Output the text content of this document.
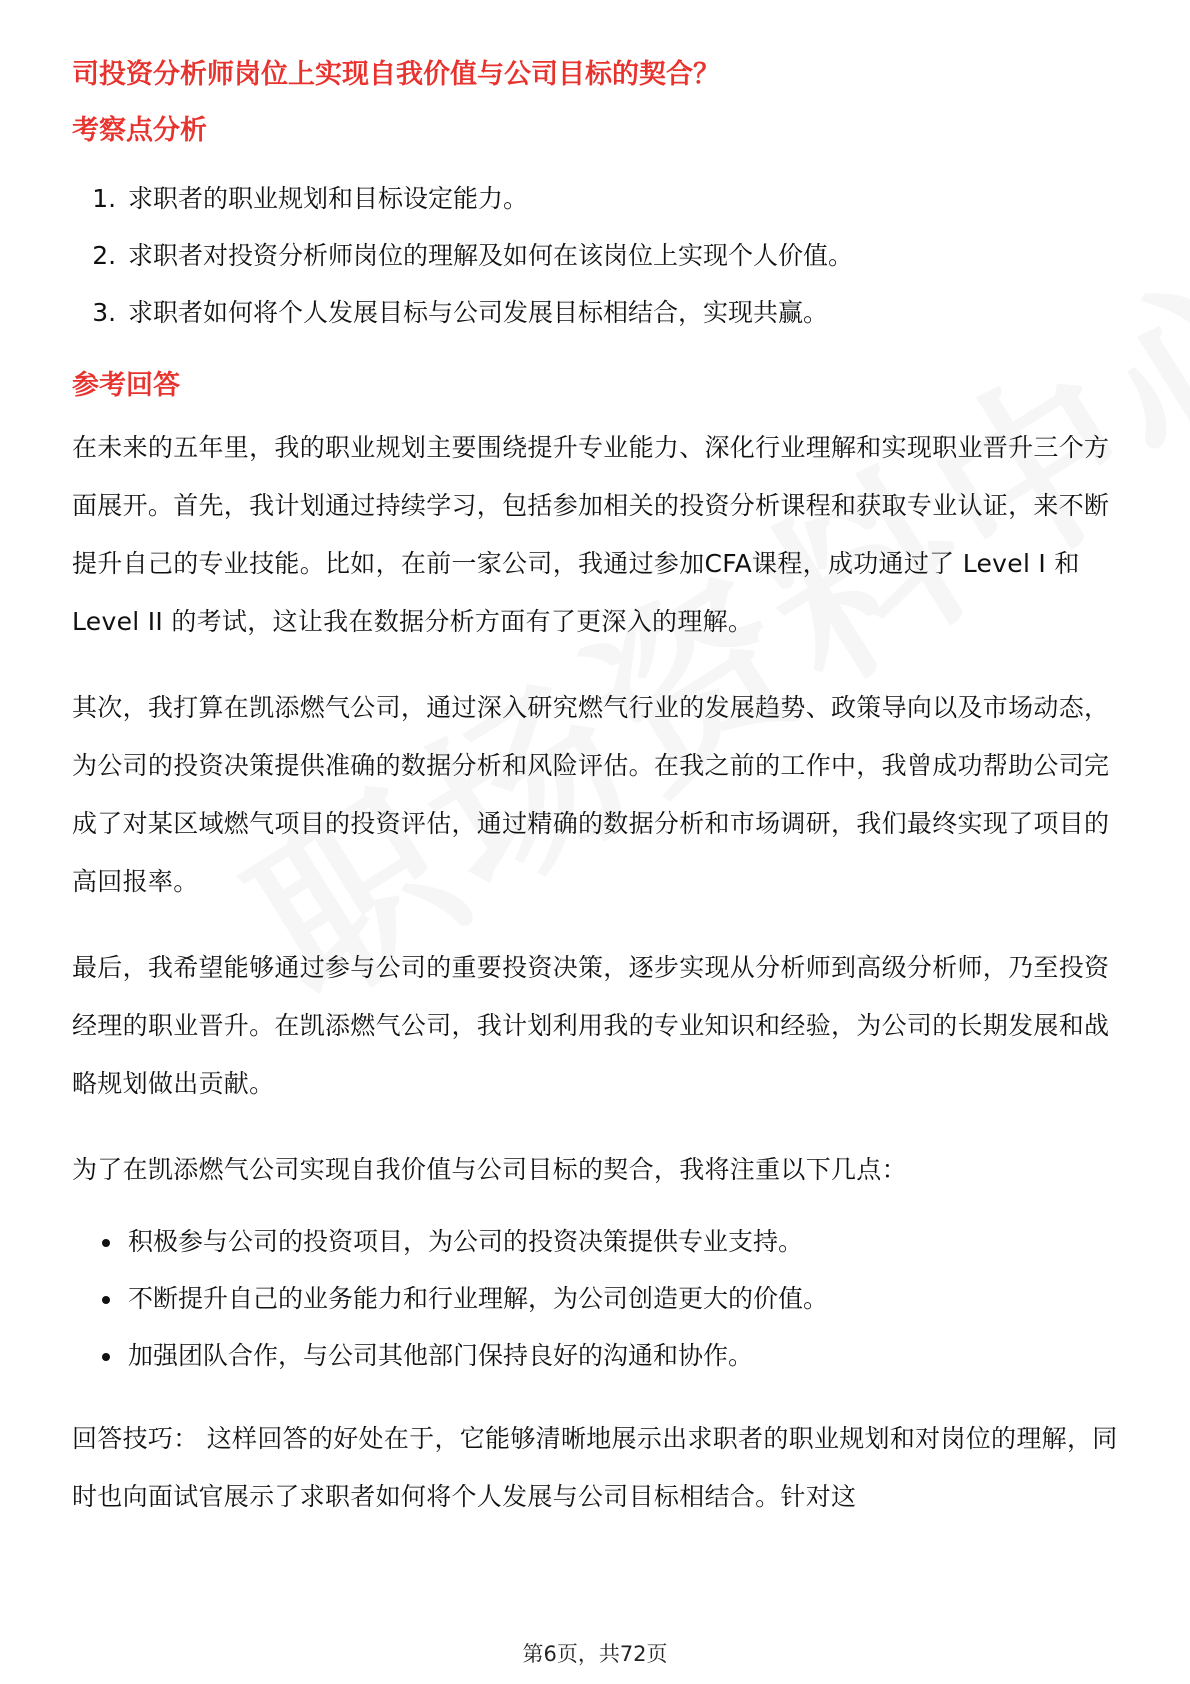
司投资分析师岗位上实现自我价值与公司目标的契合？
考察点分析
1. 求职者的职业规划和目标设定能力。
2. 求职者对投资分析师岗位的理解及如何在该岗位上实现个人价值。
3. 求职者如何将个人发展目标与公司发展目标相结合，实现共赢。
参考回答

在未来的五年里，我的职业规划主要围绕提升专业能力、深化行业理解和实现职业晋升三个方面展开。首先，我计划通过持续学习，包括参加相关的投资分析课程和获取专业认证，来不断提升自己的专业技能。比如，在前一家公司，我通过参加CFA课程，成功通过了 Level I 和 Level II 的考试，这让我在数据分析方面有了更深入的理解。

其次，我打算在凯添燃气公司，通过深入研究燃气行业的发展趋势、政策导向以及市场动态，为公司的投资决策提供准确的数据分析和风险评估。在我之前的工作中，我曾成功帮助公司完成了对某区域燃气项目的投资评估，通过精确的数据分析和市场调研，我们最终实现了项目的高回报率。

最后，我希望能够通过参与公司的重要投资决策，逐步实现从分析师到高级分析师，乃至投资经理的职业晋升。在凯添燃气公司，我计划利用我的专业知识和经验，为公司的长期发展和战略规划做出贡献。

为了在凯添燃气公司实现自我价值与公司目标的契合，我将注重以下几点：

• 积极参与公司的投资项目，为公司的投资决策提供专业支持。
• 不断提升自己的业务能力和行业理解，为公司创造更大的价值。
• 加强团队合作，与公司其他部门保持良好的沟通和协作。

回答技巧： 这样回答的好处在于，它能够清晰地展示出求职者的职业规划和对岗位的理解，同时也向面试官展示了求职者如何将个人发展与公司目标相结合。针对这

第6页，共72页
